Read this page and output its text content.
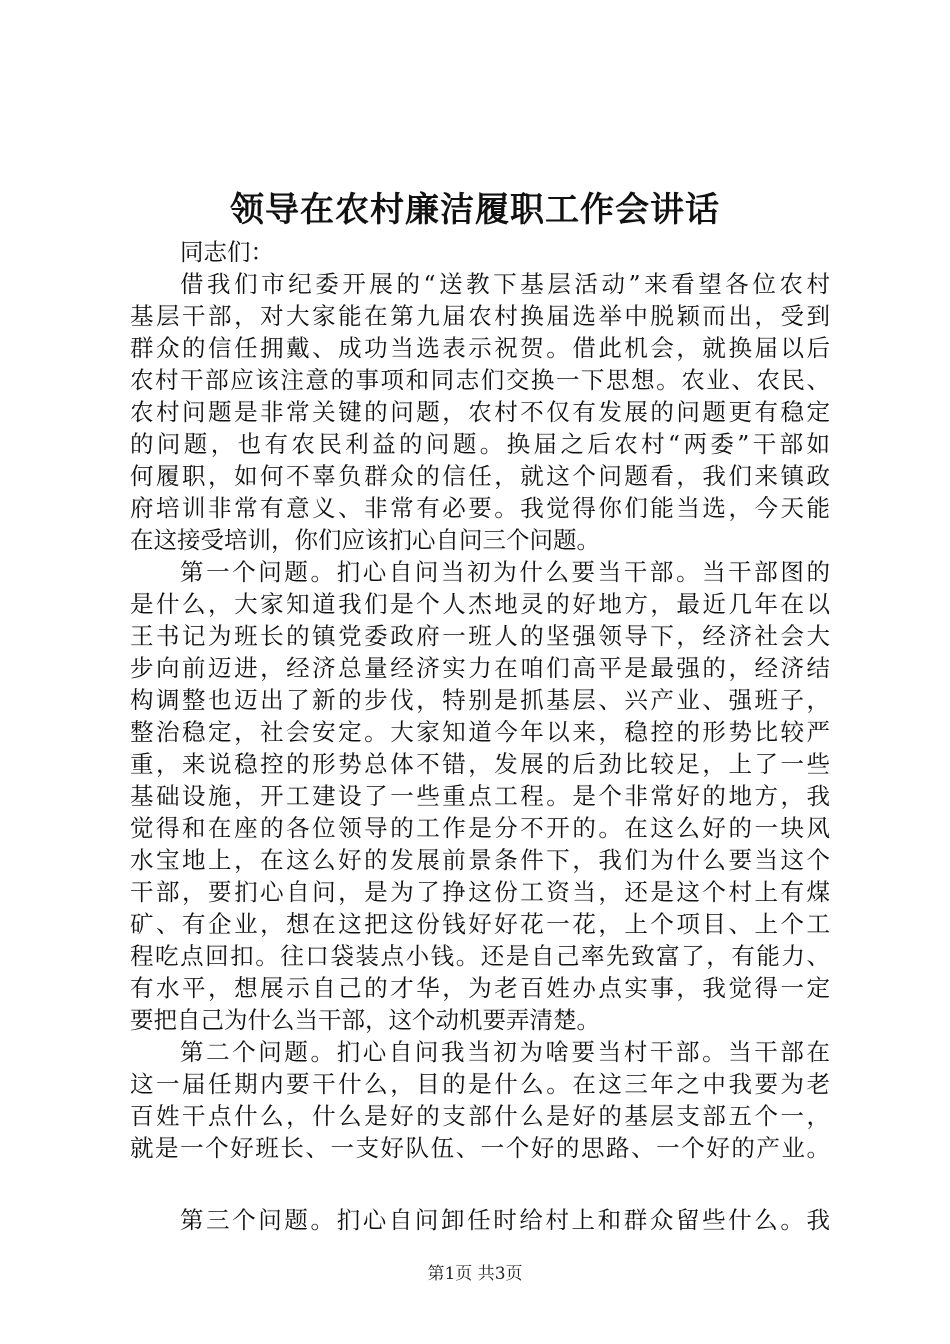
领导在农村廉洁履职工作会讲话
同志们：
借我们市纪委开展的“送教下基层活动”来看望各位农村
基层干部，对大家能在第九届农村换届选举中脱颖而出，受到
群众的信任拥戴、成功当选表示祝贺。借此机会，就换届以后
农村干部应该注意的事项和同志们交换一下思想。农业、农民、
农村问题是非常关键的问题，农村不仅有发展的问题更有稳定
的问题，也有农民利益的问题。换届之后农村“两委”干部如
何履职，如何不辜负群众的信任，就这个问题看，我们来镇政
府培训非常有意义、非常有必要。我觉得你们能当选，今天能
在这接受培训，你们应该扪心自问三个问题。
第一个问题。扪心自问当初为什么要当干部。当干部图的
是什么，大家知道我们是个人杰地灵的好地方，最近几年在以
王书记为班长的镇党委政府一班人的坚强领导下，经济社会大
步向前迈进，经济总量经济实力在咱们高平是最强的，经济结
构调整也迈出了新的步伐，特别是抓基层、兴产业、强班子，
整治稳定，社会安定。大家知道今年以来，稳控的形势比较严
重，来说稳控的形势总体不错，发展的后劲比较足，上了一些
基础设施，开工建设了一些重点工程。是个非常好的地方，我
觉得和在座的各位领导的工作是分不开的。在这么好的一块风
水宝地上，在这么好的发展前景条件下，我们为什么要当这个
干部，要扪心自问，是为了挣这份工资当，还是这个村上有煤
矿、有企业，想在这把这份钱好好花一花，上个项目、上个工
程吃点回扣。往口袋装点小钱。还是自己率先致富了，有能力、
有水平，想展示自己的才华，为老百姓办点实事，我觉得一定
要把自己为什么当干部，这个动机要弄清楚。
第二个问题。扪心自问我当初为啥要当村干部。当干部在
这一届任期内要干什么，目的是什么。在这三年之中我要为老
百姓干点什么，什么是好的支部什么是好的基层支部五个一，
就是一个好班长、一支好队伍、一个好的思路、一个好的产业。
第三个问题。扪心自问卸任时给村上和群众留些什么。我
第1页 共3页
